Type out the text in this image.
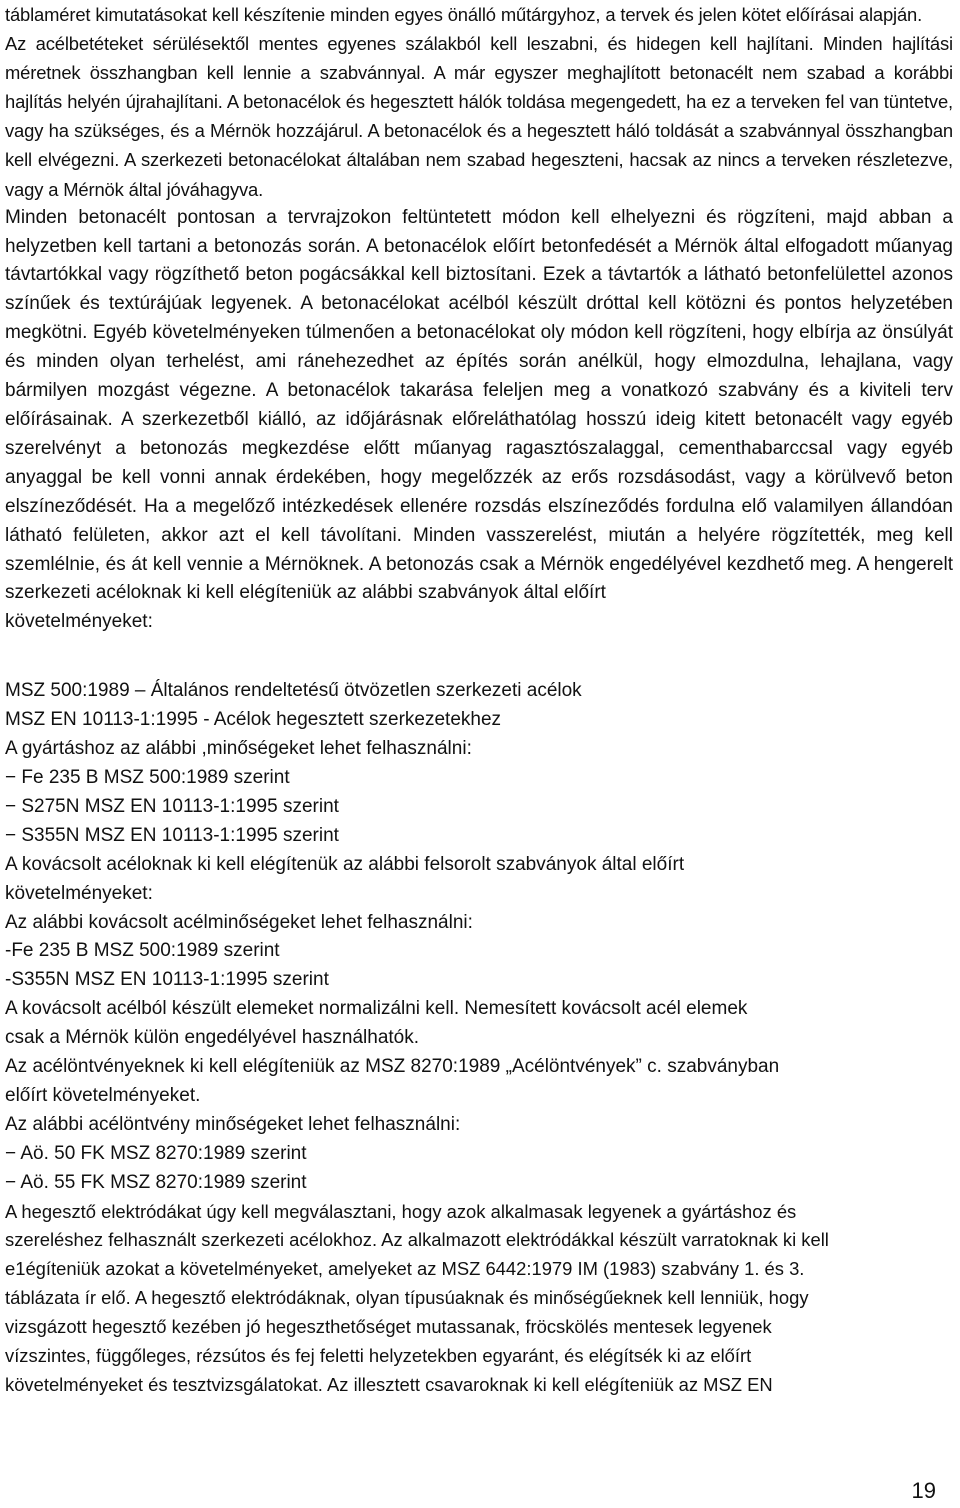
táblaméret kimutatásokat kell készítenie minden egyes önálló műtárgyhoz, a tervek és jelen kötet előírásai alapján.

Az acélbetéteket sérülésektől mentes egyenes szálakból kell leszabni, és hidegen kell hajlítani. Minden hajlítási méretnek összhangban kell lennie a szabvánnyal. A már egyszer meghajlított betonacélt nem szabad a korábbi hajlítás helyén újrahajlítani. A betonacélok és hegesztett hálók toldása megengedett, ha ez a terveken fel van tüntetve, vagy ha szükséges, és a Mérnök hozzájárul. A betonacélok és a hegesztett háló toldását a szabvánnyal összhangban kell elvégezni. A szerkezeti betonacélokat általában nem szabad hegeszteni, hacsak az nincs a terveken részletezve, vagy a Mérnök által jóváhagyva.

Minden betonacélt pontosan a tervrajzokon feltüntetett módon kell elhelyezni és rögzíteni, majd abban a helyzetben kell tartani a betonozás során. A betonacélok előírt betonfedését a Mérnök által elfogadott műanyag távtartókkal vagy rögzíthető beton pogácsákkal kell biztosítani. Ezek a távtartók a látható betonfelülettel azonos színűek és textúrájúak legyenek. A betonacélokat acélból készült dróttal kell kötözni és pontos helyzetében megkötni. Egyéb követelményeken túlmenően a betonacélokat oly módon kell rögzíteni, hogy elbírja az önsúlyát és minden olyan terhelést, ami ránehezedhet az építés során anélkül, hogy elmozdulna, lehajlana, vagy bármilyen mozgást végezne. A betonacélok takarása feleljen meg a vonatkozó szabvány és a kiviteli terv előírásainak. A szerkezetből kiálló, az időjárásnak előreláthatólag hosszú ideig kitett betonacélt vagy egyéb szerelvényt a betonozás megkezdése előtt műanyag ragasztószalaggal, cementhabarccsal vagy egyéb anyaggal be kell vonni annak érdekében, hogy megelőzzék az erős rozsdásodást, vagy a körülvevő beton elszíneződését. Ha a megelőző intézkedések ellenére rozsdás elszíneződés fordulna elő valamilyen állandóan látható felületen, akkor azt el kell távolítani. Minden vasszerelést, miután a helyére rögzítették, meg kell szemlélnie, és át kell vennie a Mérnöknek. A betonozás csak a Mérnök engedélyével kezdhető meg. A hengerelt szerkezeti acéloknak ki kell elégíteniük az alábbi szabványok által előírt

követelményeket:

MSZ 500:1989 – Általános rendeltetésű ötvözetlen szerkezeti acélok

MSZ EN 10113-1:1995 - Acélok hegesztett szerkezetekhez

A gyártáshoz az alábbi ,minőségeket lehet felhasználni:

− Fe 235 B MSZ 500:1989 szerint

− S275N MSZ EN 10113-1:1995 szerint

− S355N MSZ EN 10113-1:1995 szerint

A kovácsolt acéloknak ki kell elégítenük az alábbi felsorolt szabványok által előírt

követelményeket:

Az alábbi kovácsolt acélminőségeket lehet felhasználni:

-Fe 235 B MSZ 500:1989 szerint

-S355N MSZ EN 10113-1:1995 szerint

A kovácsolt acélból készült elemeket normalizálni kell. Nemesített kovácsolt acél elemek

csak a Mérnök külön engedélyével használhatók.

Az acélöntvényeknek ki kell elégíteniük az MSZ 8270:1989 „Acélöntvények” c. szabványban

előírt követelményeket.

Az alábbi acélöntvény minőségeket lehet felhasználni:

− Aö. 50 FK MSZ 8270:1989 szerint

− Aö. 55 FK MSZ 8270:1989 szerint

A hegesztő elektródákat úgy kell megválasztani, hogy azok alkalmasak legyenek a gyártáshoz és

szereléshez felhasznált szerkezeti acélokhoz. Az alkalmazott elektródákkal készült varratoknak ki kell

e1égíteniük azokat a követelményeket, amelyeket az MSZ 6442:1979 IM (1983) szabvány 1. és 3.

táblázata ír elő. A hegesztő elektródáknak, olyan típusúaknak és minőségűeknek kell lenniük, hogy

vizsgázott hegesztő kezében jó hegeszthetőséget mutassanak, fröcskölés mentesek legyenek

vízszintes, függőleges, rézsútos és fej feletti helyzetekben egyaránt, és elégítsék ki az előírt

követelményeket és tesztvizsgálatokat. Az illesztett csavaroknak ki kell elégíteniük az MSZ EN

19
